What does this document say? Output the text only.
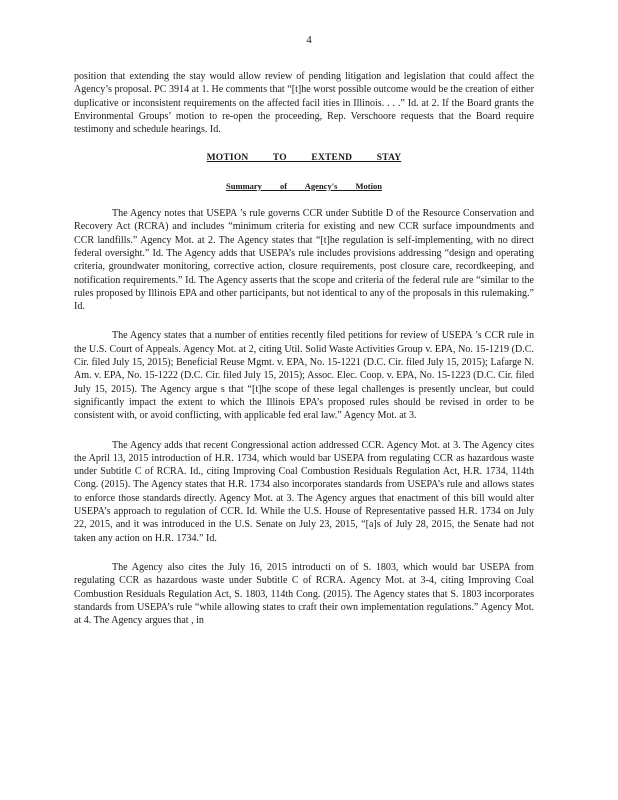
4

position that extending the stay would allow review of pending litigation and legislation that could affect the Agency’s proposal. PC 3914 at 1. He comments that “[t]he worst possible outcome would be the creation of either duplicative or inconsistent requirements on the affected facil ities in Illinois. . . .” Id. at 2. If the Board grants the Environmental Groups’ motion to re-open the proceeding, Rep. Verschoore requests that the Board require testimony and schedule hearings. Id.

MOTION TO EXTEND STAY
Summary of Agency's Motion

The Agency notes that USEPA ’s rule governs CCR under Subtitle D of the Resource Conservation and Recovery Act (RCRA) and includes “minimum criteria for existing and new CCR surface impoundments and CCR landfills.” Agency Mot. at 2. The Agency states that “[t]he regulation is self-implementing, with no direct federal oversight.” Id. The Agency adds that USEPA’s rule includes provisions addressing “design and operating criteria, groundwater monitoring, corrective action, closure requirements, post closure care, recordkeeping, and notification requirements.” Id. The Agency asserts that the scope and criteria of the federal rule are “similar to the rules proposed by Illinois EPA and other participants, but not identical to any of the proposals in this rulemaking.” Id.

The Agency states that a number of entities recently filed petitions for review of USEPA ’s CCR rule in the U.S. Court of Appeals. Agency Mot. at 2, citing Util. Solid Waste Activities Group v. EPA, No. 15-1219 (D.C. Cir. filed July 15, 2015); Beneficial Reuse Mgmt. v. EPA, No. 15-1221 (D.C. Cir. filed July 15, 2015); Lafarge N. Am. v. EPA, No. 15-1222 (D.C. Cir. filed July 15, 2015); Assoc. Elec. Coop. v. EPA, No. 15-1223 (D.C. Cir. filed July 15, 2015). The Agency argue s that “[t]he scope of these legal challenges is presently unclear, but could significantly impact the extent to which the Illinois EPA’s proposed rules should be revised in order to be consistent with, or avoid conflicting, with applicable fed eral law.” Agency Mot. at 3.

The Agency adds that recent Congressional action addressed CCR. Agency Mot. at 3. The Agency cites the April 13, 2015 introduction of H.R. 1734, which would bar USEPA from regulating CCR as hazardous waste under Subtitle C of RCRA. Id., citing Improving Coal Combustion Residuals Regulation Act, H.R. 1734, 114th Cong. (2015). The Agency states that H.R. 1734 also incorporates standards from USEPA’s rule and allows states to enforce those standards directly. Agency Mot. at 3. The Agency argues that enactment of this bill would alter USEPA’s approach to regulation of CCR. Id. While the U.S. House of Representative passed H.R. 1734 on July 22, 2015, and it was introduced in the U.S. Senate on July 23, 2015, “[a]s of July 28, 2015, the Senate had not taken any action on H.R. 1734.” Id.

The Agency also cites the July 16, 2015 introducti on of S. 1803, which would bar USEPA from regulating CCR as hazardous waste under Subtitle C of RCRA. Agency Mot. at 3-4, citing Improving Coal Combustion Residuals Regulation Act, S. 1803, 114th Cong. (2015). The Agency states that S. 1803 incorporates standards from USEPA’s rule “while allowing states to craft their own implementation regulations.” Agency Mot. at 4. The Agency argues that , in
